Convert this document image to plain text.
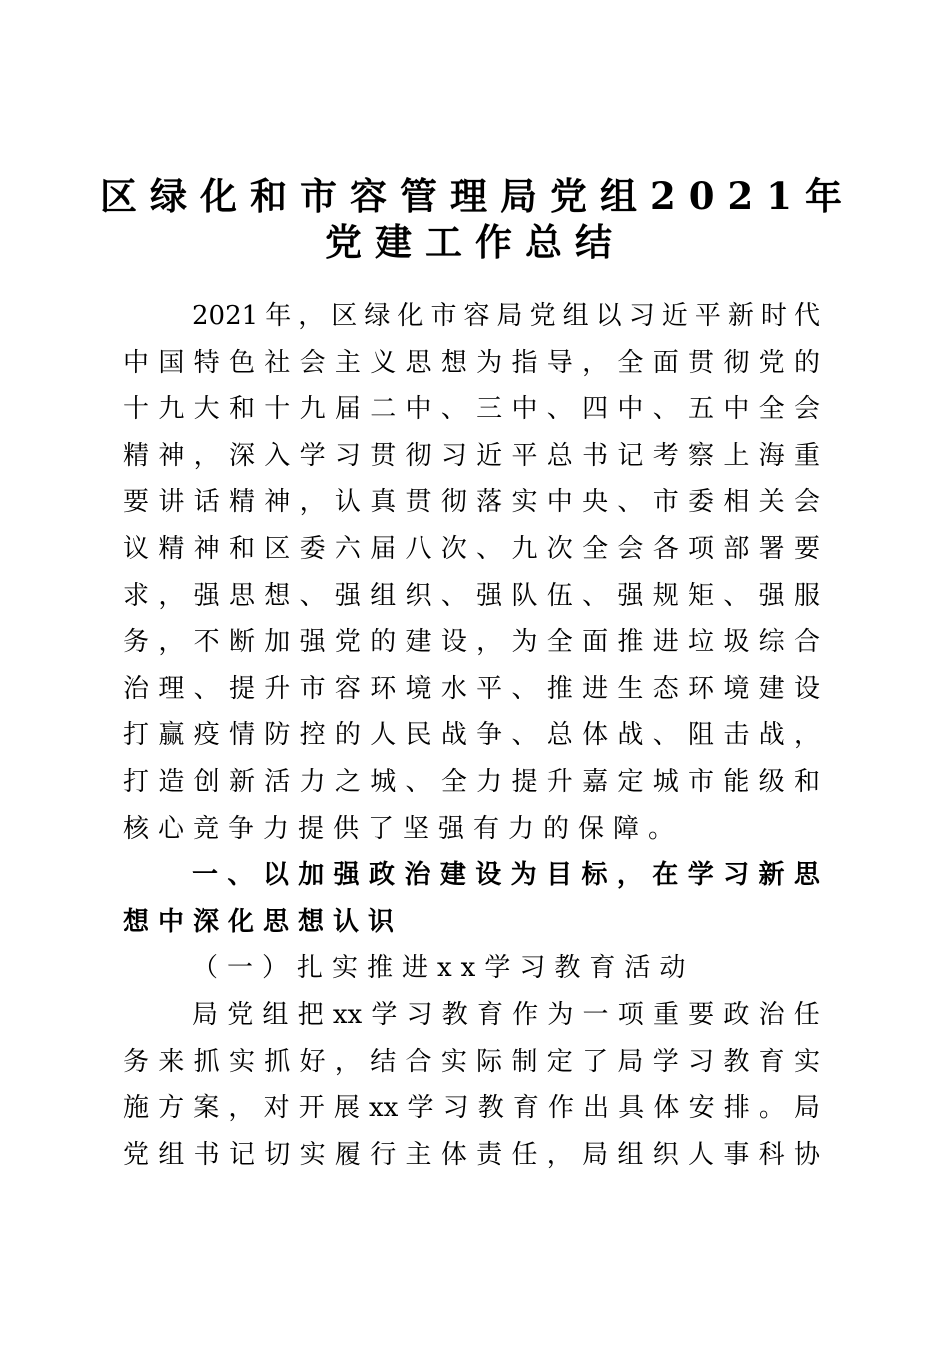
区绿化和市容管理局党组2021年
党建工作总结
2021 年 ， 区 绿 化 市 容 局 党 组 以 习 近 平 新 时 代
中 国 特 色 社 会 主 义 思 想 为 指 导 ， 全 面 贯 彻 党 的
十 九 大 和 十 九 届 二 中 、 三 中 、 四 中 、 五 中 全 会
精 神 ， 深 入 学 习 贯 彻 习 近 平 总 书 记 考 察 上 海 重
要 讲 话 精 神 ， 认 真 贯 彻 落 实 中 央 、 市 委 相 关 会
议 精 神 和 区 委 六 届 八 次 、 九 次 全 会 各 项 部 署 要
求 ， 强 思 想 、 强 组 织 、 强 队 伍 、 强 规 矩 、 强 服
务 ， 不 断 加 强 党 的 建 设 ， 为 全 面 推 进 垃 圾 综 合
治 理 、 提 升 市 容 环 境 水 平 、 推 进 生 态 环 境 建 设
打 赢 疫 情 防 控 的 人 民 战 争 、 总 体 战 、 阻 击 战 ，
打 造 创 新 活 力 之 城 、 全 力 提 升 嘉 定 城 市 能 级 和
核心竞争力提供了坚强有力的保障。
一 、 以 加 强 政 治 建 设 为 目 标 ， 在 学 习 新 思
想中深化思想认识
（一）扎实推进xx学习教育活动
局 党 组 把 xx 学 习 教 育 作 为 一 项 重 要 政 治 任
务 来 抓 实 抓 好 ， 结 合 实 际 制 定 了 局 学 习 教 育 实
施 方 案 ， 对 开 展 xx 学 习 教 育 作 出 具 体 安 排 。 局
党 组 书 记 切 实 履 行 主 体 责 任 ， 局 组 织 人 事 科 协
